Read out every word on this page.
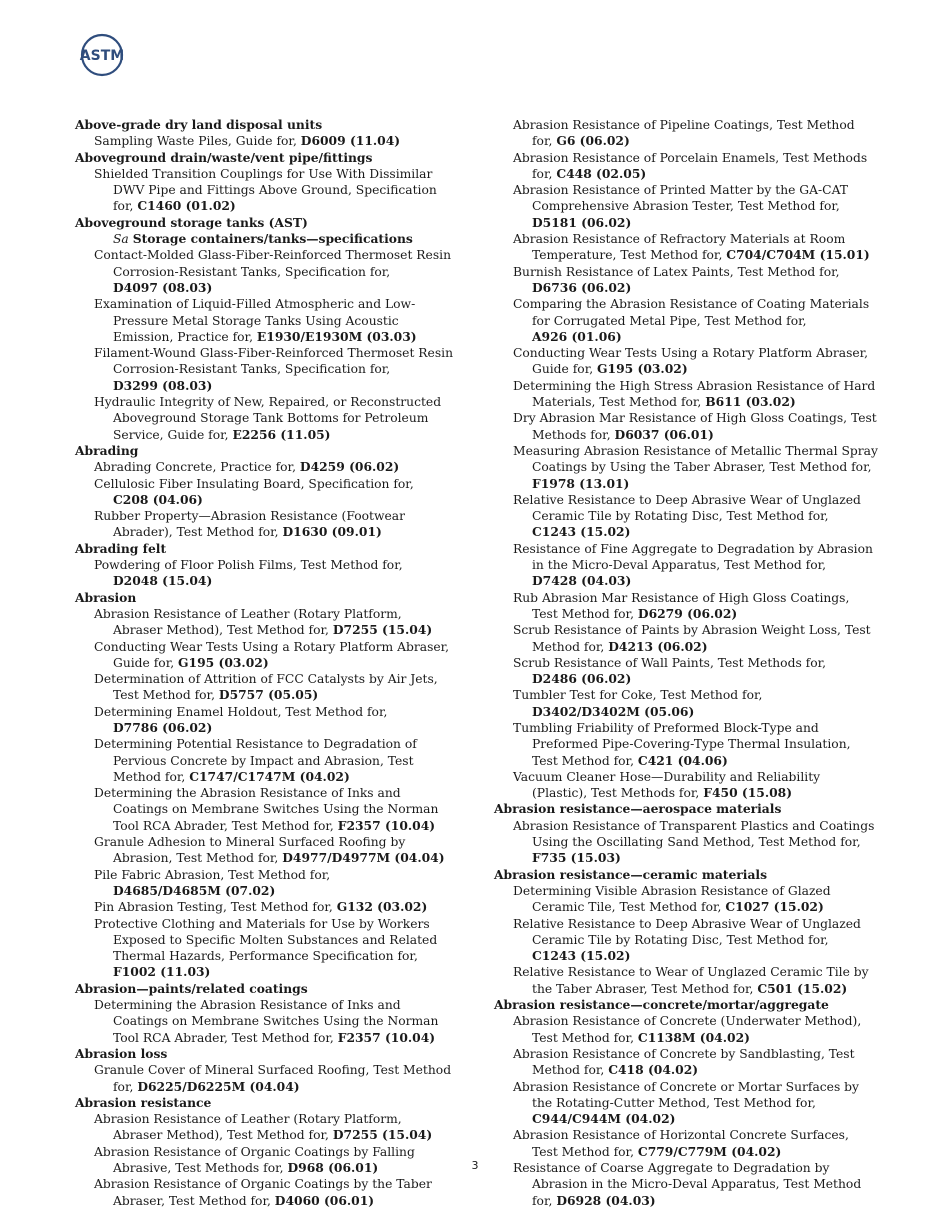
ASTM
Above-grade dry land disposal units
Sampling Waste Piles, Guide for, D6009 (11.04)
Aboveground drain/waste/vent pipe/fittings
Shielded Transition Couplings for Use With Dissimilar DWV Pipe and Fittings Above Ground, Specification for, C1460 (01.02)
Aboveground storage tanks (AST)
Sa Storage containers/tanks—specifications
Contact-Molded Glass-Fiber-Reinforced Thermoset Resin Corrosion-Resistant Tanks, Specification for, D4097 (08.03)
Examination of Liquid-Filled Atmospheric and Low-Pressure Metal Storage Tanks Using Acoustic Emission, Practice for, E1930/E1930M (03.03)
Filament-Wound Glass-Fiber-Reinforced Thermoset Resin Corrosion-Resistant Tanks, Specification for, D3299 (08.03)
Hydraulic Integrity of New, Repaired, or Reconstructed Aboveground Storage Tank Bottoms for Petroleum Service, Guide for, E2256 (11.05)
Abrading
Abrading Concrete, Practice for, D4259 (06.02)
Cellulosic Fiber Insulating Board, Specification for, C208 (04.06)
Rubber Property—Abrasion Resistance (Footwear Abrader), Test Method for, D1630 (09.01)
Abrading felt
Powdering of Floor Polish Films, Test Method for, D2048 (15.04)
Abrasion
Abrasion Resistance of Leather (Rotary Platform, Abraser Method), Test Method for, D7255 (15.04)
Conducting Wear Tests Using a Rotary Platform Abraser, Guide for, G195 (03.02)
Determination of Attrition of FCC Catalysts by Air Jets, Test Method for, D5757 (05.05)
Determining Enamel Holdout, Test Method for, D7786 (06.02)
Determining Potential Resistance to Degradation of Pervious Concrete by Impact and Abrasion, Test Method for, C1747/C1747M (04.02)
Determining the Abrasion Resistance of Inks and Coatings on Membrane Switches Using the Norman Tool RCA Abrader, Test Method for, F2357 (10.04)
Granule Adhesion to Mineral Surfaced Roofing by Abrasion, Test Method for, D4977/D4977M (04.04)
Pile Fabric Abrasion, Test Method for, D4685/D4685M (07.02)
Pin Abrasion Testing, Test Method for, G132 (03.02)
Protective Clothing and Materials for Use by Workers Exposed to Specific Molten Substances and Related Thermal Hazards, Performance Specification for, F1002 (11.03)
Abrasion—paints/related coatings
Determining the Abrasion Resistance of Inks and Coatings on Membrane Switches Using the Norman Tool RCA Abrader, Test Method for, F2357 (10.04)
Abrasion loss
Granule Cover of Mineral Surfaced Roofing, Test Method for, D6225/D6225M (04.04)
Abrasion resistance
Abrasion Resistance of Leather (Rotary Platform, Abraser Method), Test Method for, D7255 (15.04)
Abrasion Resistance of Organic Coatings by Falling Abrasive, Test Methods for, D968 (06.01)
Abrasion Resistance of Organic Coatings by the Taber Abraser, Test Method for, D4060 (06.01)
Abrasion Resistance of Pipeline Coatings, Test Method for, G6 (06.02)
Abrasion Resistance of Porcelain Enamels, Test Methods for, C448 (02.05)
Abrasion Resistance of Printed Matter by the GA-CAT Comprehensive Abrasion Tester, Test Method for, D5181 (06.02)
Abrasion Resistance of Refractory Materials at Room Temperature, Test Method for, C704/C704M (15.01)
Burnish Resistance of Latex Paints, Test Method for, D6736 (06.02)
Comparing the Abrasion Resistance of Coating Materials for Corrugated Metal Pipe, Test Method for, A926 (01.06)
Conducting Wear Tests Using a Rotary Platform Abraser, Guide for, G195 (03.02)
Determining the High Stress Abrasion Resistance of Hard Materials, Test Method for, B611 (03.02)
Dry Abrasion Mar Resistance of High Gloss Coatings, Test Methods for, D6037 (06.01)
Measuring Abrasion Resistance of Metallic Thermal Spray Coatings by Using the Taber Abraser, Test Method for, F1978 (13.01)
Relative Resistance to Deep Abrasive Wear of Unglazed Ceramic Tile by Rotating Disc, Test Method for, C1243 (15.02)
Resistance of Fine Aggregate to Degradation by Abrasion in the Micro-Deval Apparatus, Test Method for, D7428 (04.03)
Rub Abrasion Mar Resistance of High Gloss Coatings, Test Method for, D6279 (06.02)
Scrub Resistance of Paints by Abrasion Weight Loss, Test Method for, D4213 (06.02)
Scrub Resistance of Wall Paints, Test Methods for, D2486 (06.02)
Tumbler Test for Coke, Test Method for, D3402/D3402M (05.06)
Tumbling Friability of Preformed Block-Type and Preformed Pipe-Covering-Type Thermal Insulation, Test Method for, C421 (04.06)
Vacuum Cleaner Hose—Durability and Reliability (Plastic), Test Methods for, F450 (15.08)
Abrasion resistance—aerospace materials
Abrasion Resistance of Transparent Plastics and Coatings Using the Oscillating Sand Method, Test Method for, F735 (15.03)
Abrasion resistance—ceramic materials
Determining Visible Abrasion Resistance of Glazed Ceramic Tile, Test Method for, C1027 (15.02)
Relative Resistance to Deep Abrasive Wear of Unglazed Ceramic Tile by Rotating Disc, Test Method for, C1243 (15.02)
Relative Resistance to Wear of Unglazed Ceramic Tile by the Taber Abraser, Test Method for, C501 (15.02)
Abrasion resistance—concrete/mortar/aggregate
Abrasion Resistance of Concrete (Underwater Method), Test Method for, C1138M (04.02)
Abrasion Resistance of Concrete by Sandblasting, Test Method for, C418 (04.02)
Abrasion Resistance of Concrete or Mortar Surfaces by the Rotating-Cutter Method, Test Method for, C944/C944M (04.02)
Abrasion Resistance of Horizontal Concrete Surfaces, Test Method for, C779/C779M (04.02)
Resistance of Coarse Aggregate to Degradation by Abrasion in the Micro-Deval Apparatus, Test Method for, D6928 (04.03)
3
